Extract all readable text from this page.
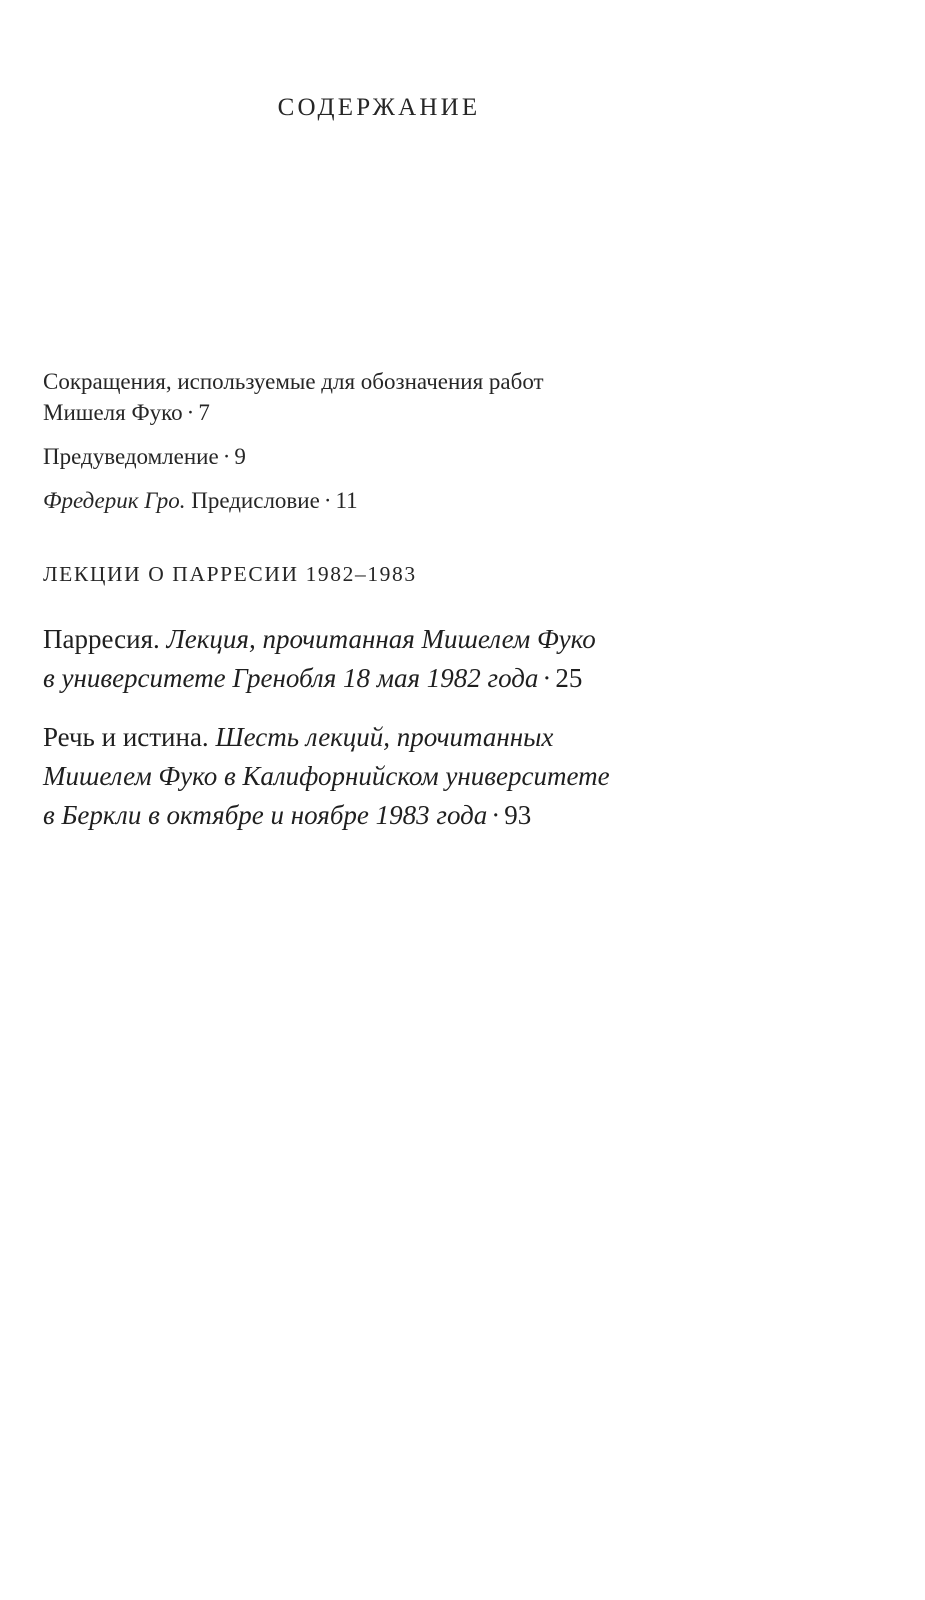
СОДЕРЖАНИЕ
Сокращения, используемые для обозначения работ
Мишеля Фуко · 7
Предуведомление · 9
Фредерик Гро. Предисловие · 11
ЛЕКЦИИ О ПАРРЕСИИ 1982–1983
Парресия. Лекция, прочитанная Мишелем Фуко
в университете Гренобля 18 мая 1982 года · 25
Речь и истина. Шесть лекций, прочитанных
Мишелем Фуко в Калифорнийском университете
в Беркли в октябре и ноябре 1983 года · 93
